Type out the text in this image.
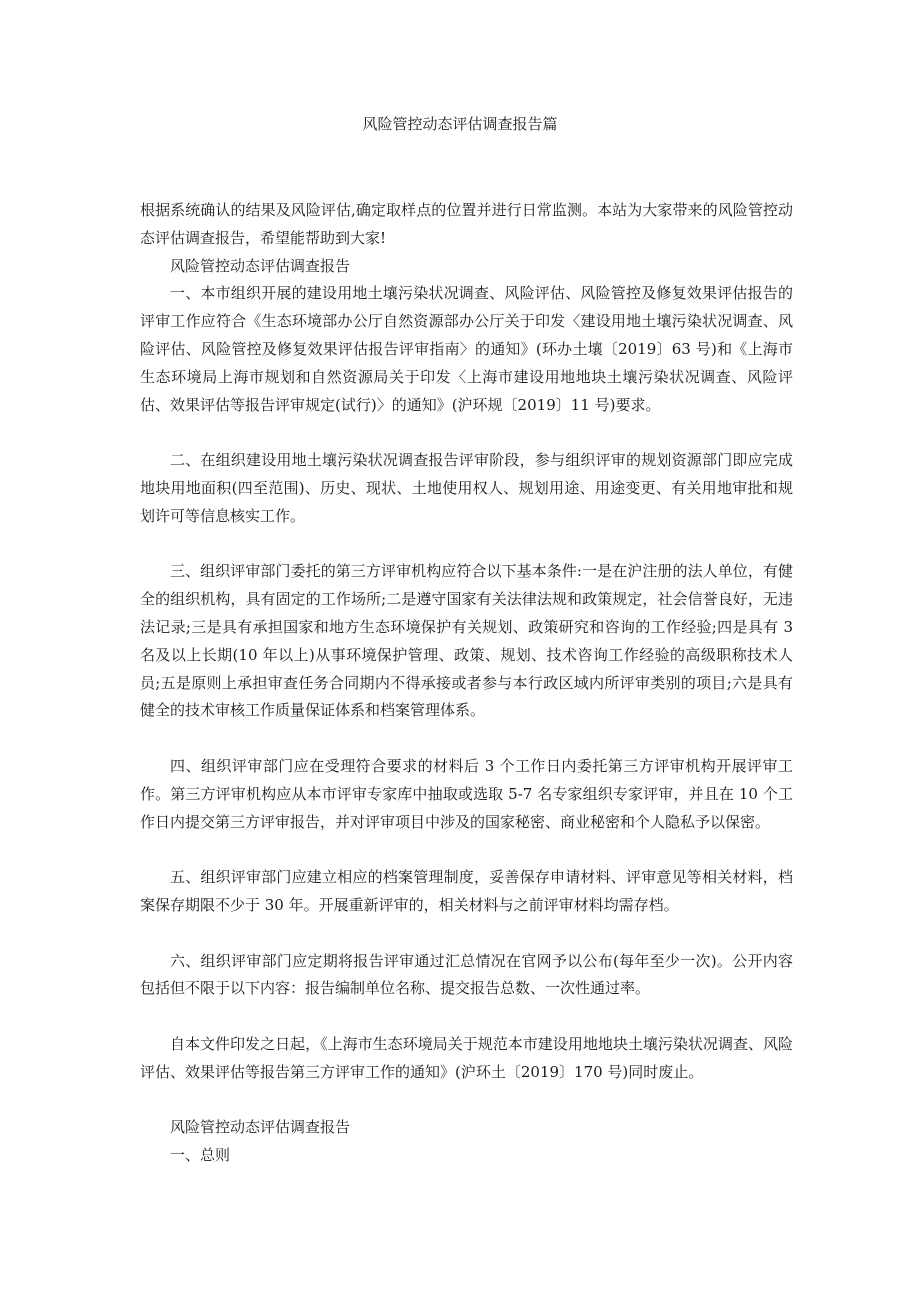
风险管控动态评估调查报告篇

根据系统确认的结果及风险评估,确定取样点的位置并进行日常监测。本站为大家带来的风险管控动态评估调查报告，希望能帮助到大家!

风险管控动态评估调查报告

一、本市组织开展的建设用地土壤污染状况调查、风险评估、风险管控及修复效果评估报告的评审工作应符合《生态环境部办公厅自然资源部办公厅关于印发〈建设用地土壤污染状况调查、风险评估、风险管控及修复效果评估报告评审指南〉的通知》(环办土壤〔2019〕63 号)和《上海市生态环境局上海市规划和自然资源局关于印发〈上海市建设用地地块土壤污染状况调查、风险评估、效果评估等报告评审规定(试行)〉的通知》(沪环规〔2019〕11 号)要求。

二、在组织建设用地土壤污染状况调查报告评审阶段，参与组织评审的规划资源部门即应完成地块用地面积(四至范围)、历史、现状、土地使用权人、规划用途、用途变更、有关用地审批和规划许可等信息核实工作。

三、组织评审部门委托的第三方评审机构应符合以下基本条件:一是在沪注册的法人单位，有健全的组织机构，具有固定的工作场所;二是遵守国家有关法律法规和政策规定，社会信誉良好，无违法记录;三是具有承担国家和地方生态环境保护有关规划、政策研究和咨询的工作经验;四是具有 3 名及以上长期(10 年以上)从事环境保护管理、政策、规划、技术咨询工作经验的高级职称技术人员;五是原则上承担审查任务合同期内不得承接或者参与本行政区域内所评审类别的项目;六是具有健全的技术审核工作质量保证体系和档案管理体系。

四、组织评审部门应在受理符合要求的材料后 3 个工作日内委托第三方评审机构开展评审工作。第三方评审机构应从本市评审专家库中抽取或选取 5-7 名专家组织专家评审，并且在 10 个工作日内提交第三方评审报告，并对评审项目中涉及的国家秘密、商业秘密和个人隐私予以保密。

五、组织评审部门应建立相应的档案管理制度，妥善保存申请材料、评审意见等相关材料，档案保存期限不少于 30 年。开展重新评审的，相关材料与之前评审材料均需存档。

六、组织评审部门应定期将报告评审通过汇总情况在官网予以公布(每年至少一次)。公开内容包括但不限于以下内容：报告编制单位名称、提交报告总数、一次性通过率。

自本文件印发之日起，《上海市生态环境局关于规范本市建设用地地块土壤污染状况调查、风险评估、效果评估等报告第三方评审工作的通知》(沪环土〔2019〕170 号)同时废止。

风险管控动态评估调查报告

一、总则
